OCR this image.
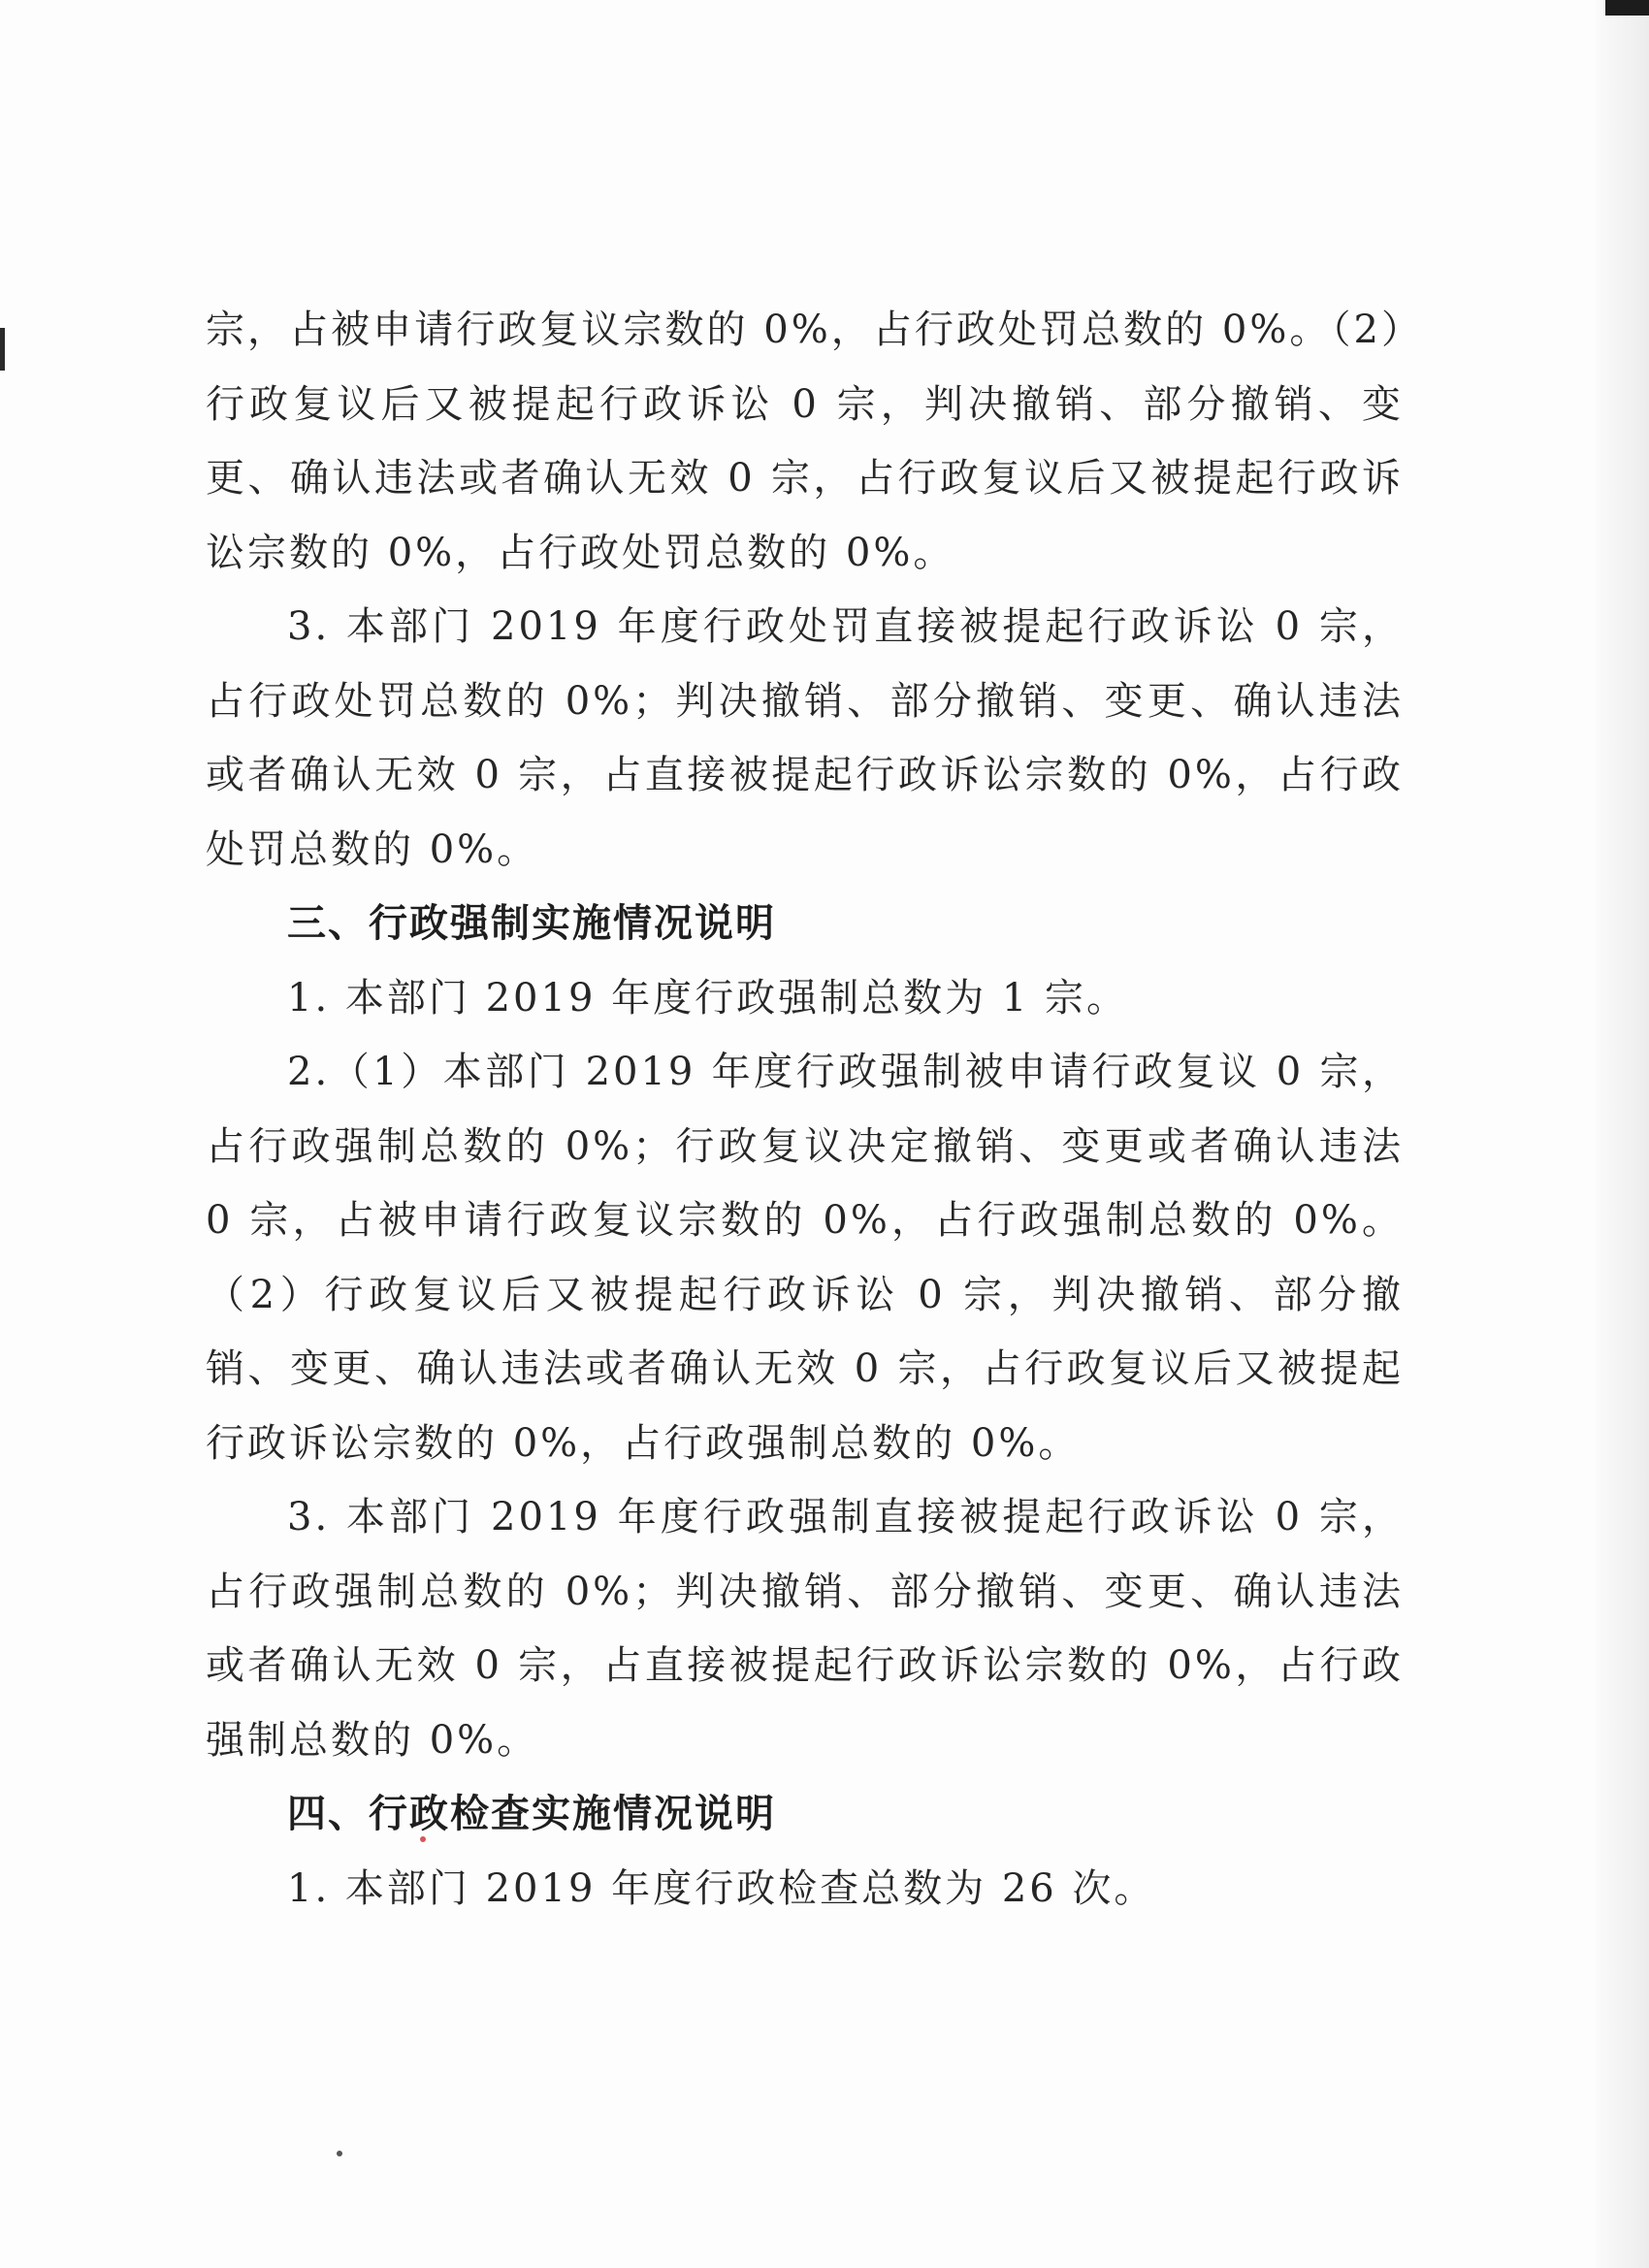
宗，占被申请行政复议宗数的 0%，占行政处罚总数的 0%。（2）行政复议后又被提起行政诉讼 0 宗，判决撤销、部分撤销、变更、确认违法或者确认无效 0 宗，占行政复议后又被提起行政诉讼宗数的 0%，占行政处罚总数的 0%。

3. 本部门 2019 年度行政处罚直接被提起行政诉讼 0 宗，占行政处罚总数的 0%；判决撤销、部分撤销、变更、确认违法或者确认无效 0 宗，占直接被提起行政诉讼宗数的 0%，占行政处罚总数的 0%。

三、行政强制实施情况说明

1. 本部门 2019 年度行政强制总数为 1 宗。

2.（1）本部门 2019 年度行政强制被申请行政复议 0 宗，占行政强制总数的 0%；行政复议决定撤销、变更或者确认违法 0 宗，占被申请行政复议宗数的 0%，占行政强制总数的 0%。（2）行政复议后又被提起行政诉讼 0 宗，判决撤销、部分撤销、变更、确认违法或者确认无效 0 宗，占行政复议后又被提起行政诉讼宗数的 0%，占行政强制总数的 0%。

3. 本部门 2019 年度行政强制直接被提起行政诉讼 0 宗，占行政强制总数的 0%；判决撤销、部分撤销、变更、确认违法或者确认无效 0 宗，占直接被提起行政诉讼宗数的 0%，占行政强制总数的 0%。

四、行政检查实施情况说明

1. 本部门 2019 年度行政检查总数为 26 次。
